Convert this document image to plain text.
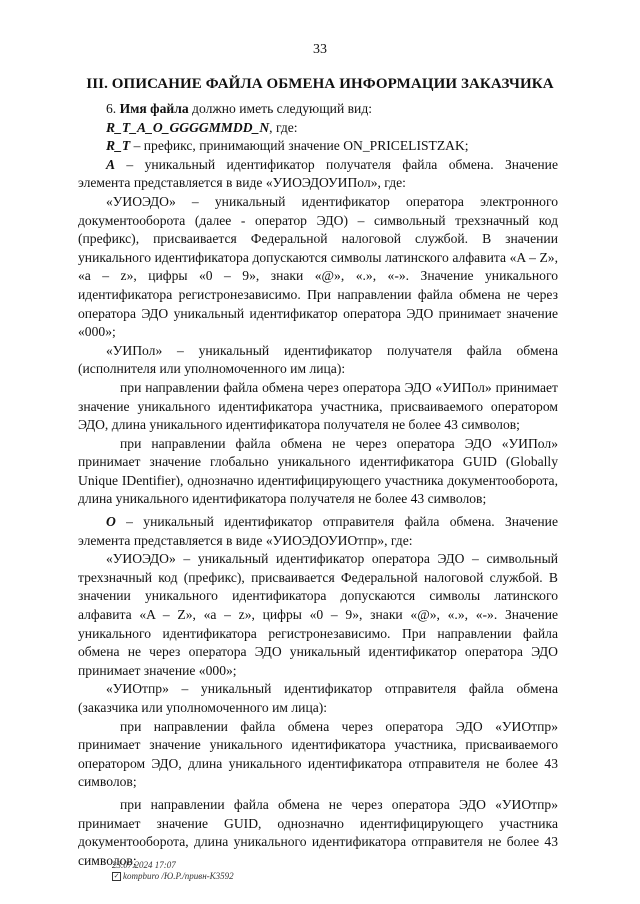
33
III. ОПИСАНИЕ ФАЙЛА ОБМЕНА ИНФОРМАЦИИ ЗАКАЗЧИКА

6. Имя файла должно иметь следующий вид:

R_T_A_O_GGGGMMDD_N, где:

R_T – префикс, принимающий значение ON_PRICELISTZAK;

A – уникальный идентификатор получателя файла обмена. Значение элемента представляется в виде «УИОЭДОУИПол», где:

«УИОЭДО» – уникальный идентификатор оператора электронного документооборота (далее - оператор ЭДО) – символьный трехзначный код (префикс), присваивается Федеральной налоговой службой. В значении уникального идентификатора допускаются символы латинского алфавита «A – Z», «a – z», цифры «0 – 9», знаки «@», «.», «-». Значение уникального идентификатора регистронезависимо. При направлении файла обмена не через оператора ЭДО уникальный идентификатор оператора ЭДО принимает значение «000»;

«УИПол» – уникальный идентификатор получателя файла обмена (исполнителя или уполномоченного им лица):

при направлении файла обмена через оператора ЭДО «УИПол» принимает значение уникального идентификатора участника, присваиваемого оператором ЭДО, длина уникального идентификатора получателя не более 43 символов;

при направлении файла обмена не через оператора ЭДО «УИПол» принимает значение глобально уникального идентификатора GUID (Globally Unique IDentifier), однозначно идентифицирующего участника документооборота, длина уникального идентификатора получателя не более 43 символов;

O – уникальный идентификатор отправителя файла обмена. Значение элемента представляется в виде «УИОЭДОУИОтпр», где:

«УИОЭДО» – уникальный идентификатор оператора ЭДО – символьный трехзначный код (префикс), присваивается Федеральной налоговой службой. В значении уникального идентификатора допускаются символы латинского алфавита «A – Z», «a – z», цифры «0 – 9», знаки «@», «.», «-». Значение уникального идентификатора регистронезависимо. При направлении файла обмена не через оператора ЭДО уникальный идентификатор оператора ЭДО принимает значение «000»;

«УИОтпр» – уникальный идентификатор отправителя файла обмена (заказчика или уполномоченного им лица):

при направлении файла обмена через оператора ЭДО «УИОтпр» принимает значение уникального идентификатора участника, присваиваемого оператором ЭДО, длина уникального идентификатора отправителя не более 43 символов;

при направлении файла обмена не через оператора ЭДО «УИОтпр» принимает значение GUID, однозначно идентифицирующего участника документооборота, длина уникального идентификатора отправителя не более 43 символов;

23.07.2024 17:07
✓ kompburo /Ю.Р./привн-К3592
